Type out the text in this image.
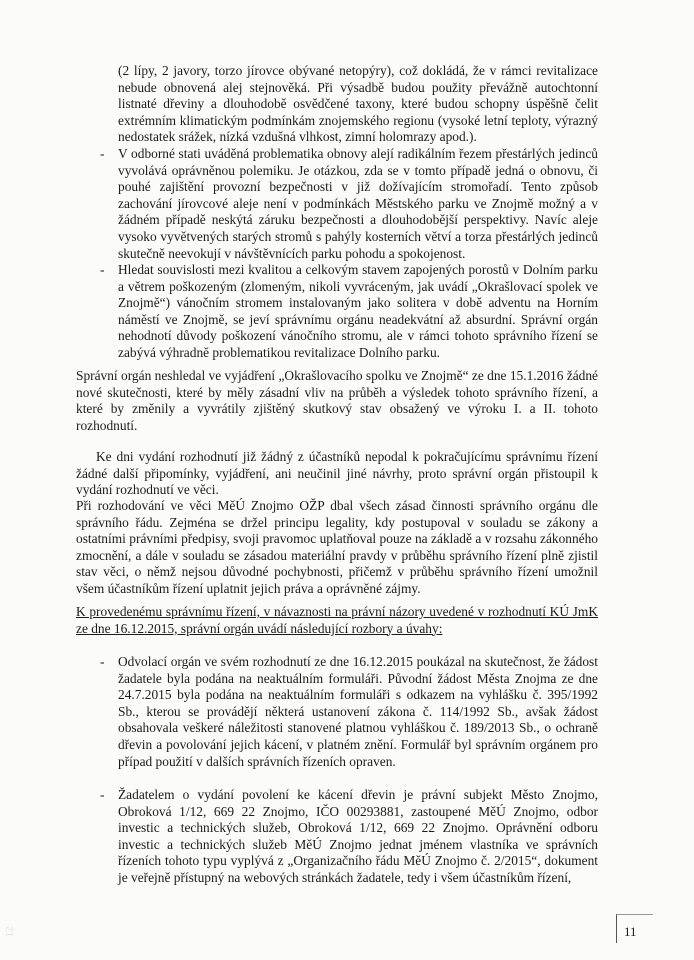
(2 lípy, 2 javory, torzo jírovce obývané netopýry), což dokládá, že v rámci revitalizace nebude obnovená alej stejnověká. Při výsadbě budou použity převážně autochtonní listnaté dřeviny a dlouhodobě osvědčené taxony, které budou schopny úspěšně čelit extrémním klimatickým podmínkám znojemského regionu (vysoké letní teploty, výrazný nedostatek srážek, nízká vzdušná vlhkost, zimní holomrazy apod.).

- V odborné stati uváděná problematika obnovy alejí radikálním řezem přestárlých jedinců vyvolává oprávněnou polemiku. Je otázkou, zda se v tomto případě jedná o obnovu, či pouhé zajištění provozní bezpečnosti v již dožívajícím stromořadí. Tento způsob zachování jírovcové aleje není v podmínkách Městského parku ve Znojmě možný a v žádném případě neskýtá záruku bezpečnosti a dlouhodobější perspektivy. Navíc aleje vysoko vyvětvených starých stromů s pahýly kosterních větví a torza přestárlých jedinců skutečně neevokují v návštěvnících parku pohodu a spokojenost.

- Hledat souvislosti mezi kvalitou a celkovým stavem zapojených porostů v Dolním parku a větrem poškozeným (zlomeným, nikoli vyvráceným, jak uvádí „Okrašlovací spolek ve Znojmě“) vánočním stromem instalovaným jako solitera v době adventu na Horním náměstí ve Znojmě, se jeví správnímu orgánu neadekvátní až absurdní. Správní orgán nehodnotí důvody poškození vánočního stromu, ale v rámci tohoto správního řízení se zabývá výhradně problematikou revitalizace Dolního parku.

Správní orgán neshledal ve vyjádření „Okrašlovacího spolku ve Znojmě“ ze dne 15.1.2016 žádné nové skutečnosti, které by měly zásadní vliv na průběh a výsledek tohoto správního řízení, a které by změnily a vyvrátily zjištěný skutkový stav obsažený ve výroku I. a II. tohoto rozhodnutí.

Ke dni vydání rozhodnutí již žádný z účastníků nepodal k pokračujícímu správnímu řízení žádné další připomínky, vyjádření, ani neučinil jiné návrhy, proto správní orgán přistoupil k vydání rozhodnutí ve věci.

Při rozhodování ve věci MěÚ Znojmo OŽP dbal všech zásad činnosti správního orgánu dle správního řádu. Zejména se držel principu legality, kdy postupoval v souladu se zákony a ostatními právními předpisy, svoji pravomoc uplatňoval pouze na základě a v rozsahu zákonného zmocnění, a dále v souladu se zásadou materiální pravdy v průběhu správního řízení plně zjistil stav věci, o němž nejsou důvodné pochybnosti, přičemž v průběhu správního řízení umožnil všem účastníkům řízení uplatnit jejich práva a oprávněné zájmy.

K provedenému správnímu řízení, v návaznosti na právní názory uvedené v rozhodnutí KÚ JmK ze dne 16.12.2015, správní orgán uvádí následující rozbory a úvahy:

- Odvolací orgán ve svém rozhodnutí ze dne 16.12.2015 poukázal na skutečnost, že žádost žadatele byla podána na neaktuálním formuláři. Původní žádost Města Znojma ze dne 24.7.2015 byla podána na neaktuálním formuláři s odkazem na vyhlášku č. 395/1992 Sb., kterou se provádějí některá ustanovení zákona č. 114/1992 Sb., avšak žádost obsahovala veškeré náležitosti stanovené platnou vyhláškou č. 189/2013 Sb., o ochraně dřevin a povolování jejich kácení, v platném znění. Formulář byl správním orgánem pro případ použití v dalších správních řízeních opraven.

- Žadatelem o vydání povolení ke kácení dřevin je právní subjekt Město Znojmo, Obroková 1/12, 669 22 Znojmo, IČO 00293881, zastoupené MěÚ Znojmo, odbor investic a technických služeb, Obroková 1/12, 669 22 Znojmo. Oprávnění odboru investic a technických služeb MěÚ Znojmo jednat jménem vlastníka ve správních řízeních tohoto typu vyplývá z „Organizačního řádu MěÚ Znojmo č. 2/2015“, dokument je veřejně přístupný na webových stránkách žadatele, tedy i všem účastníkům řízení,

11
12
